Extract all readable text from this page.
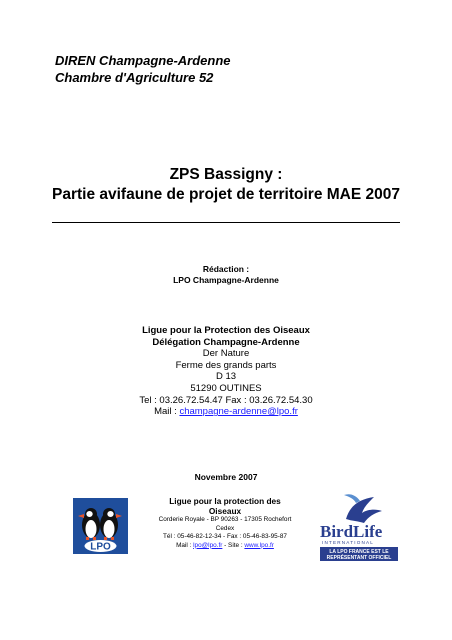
DIREN Champagne-Ardenne
Chambre d'Agriculture 52
ZPS Bassigny :
Partie avifaune de projet de territoire MAE 2007
Rédaction :
LPO Champagne-Ardenne
Ligue pour la Protection des Oiseaux
Délégation Champagne-Ardenne
Der Nature
Ferme des grands parts
D 13
51290 OUTINES
Tel : 03.26.72.54.47 Fax : 03.26.72.54.30
Mail : champagne-ardenne@lpo.fr
Novembre 2007
LPO
Ligue pour la protection des
Oiseaux
Corderie Royale - BP 90263 - 17305 Rochefort
Cedex
Tél : 05-46-82-12-34 - Fax : 05-46-83-95-87
Mail : lpo@lpo.fr - Site : www.lpo.fr
BirdLife
INTERNATIONAL
LA LPO FRANCE EST LE
REPRÉSENTANT OFFICIEL
